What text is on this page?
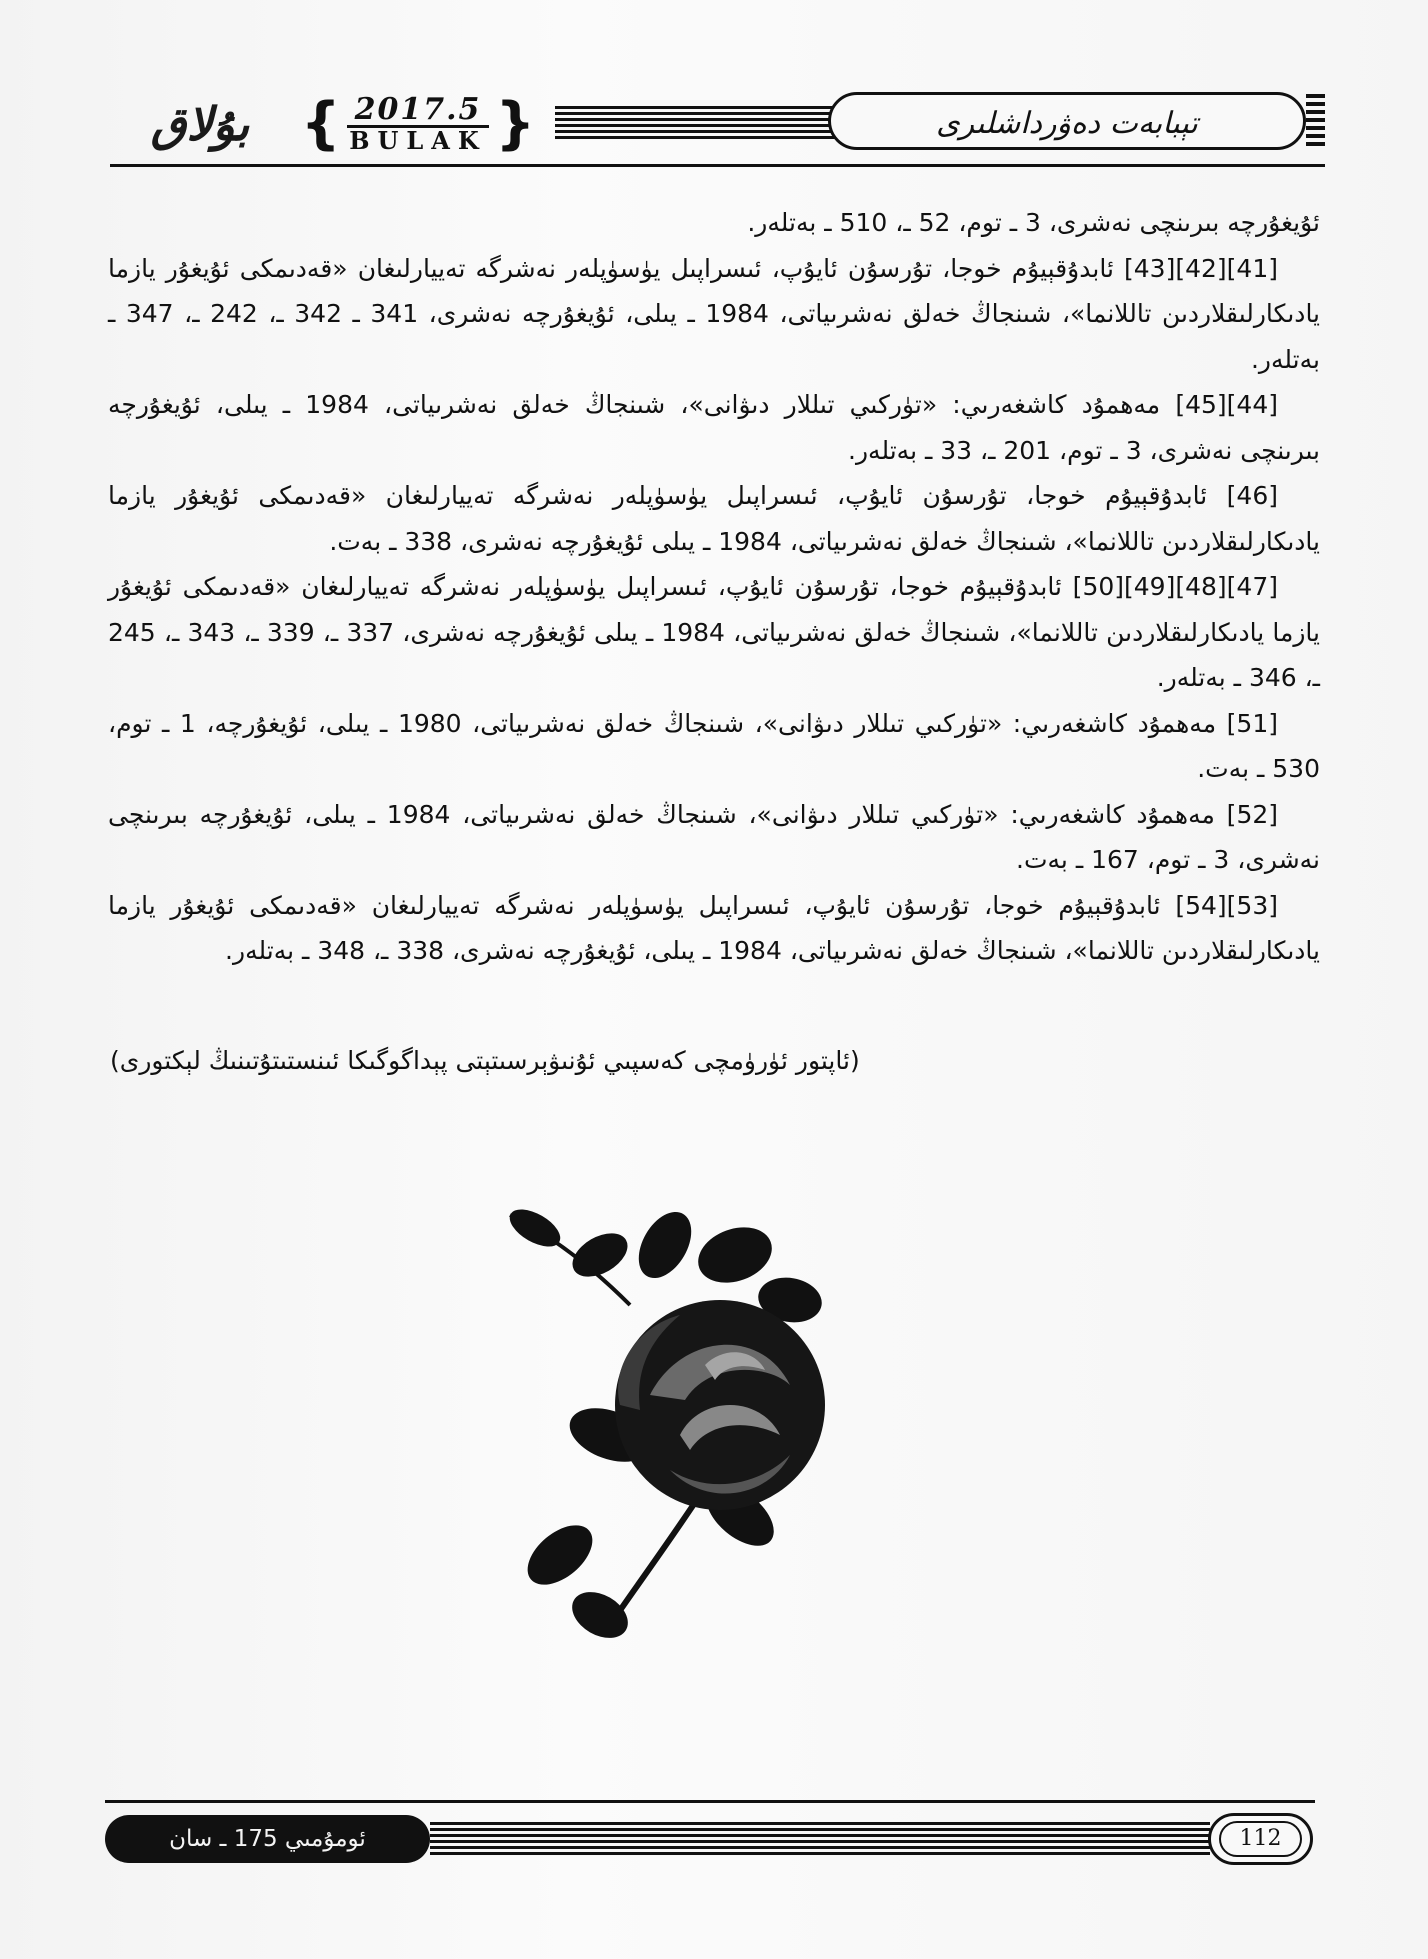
بۇلاق { 2017.5
BULAK }	تېبابەت دەۋرداشلىرى

ئۇيغۇرچە بىرىنچى نەشرى، 3 ـ توم، 52 ـ، 510 ـ بەتلەر.

[41][42][43] ئابدۇقېيۇم خوجا، تۇرسۇن ئايۇپ، ئىسراپىل يۈسۈپلەر نەشرگە تەييارلىغان «قەدىمكى ئۇيغۇر يازما يادىكارلىقلاردىن تاللانما»، شىنجاڭ خەلق نەشرىياتى، 1984 ـ يىلى، ئۇيغۇرچە نەشرى، 341 ـ 342 ـ، 242 ـ، 347 ـ بەتلەر.

[44][45] مەھمۇد كاشغەرىي: «تۈركىي تىللار دىۋانى»، شىنجاڭ خەلق نەشرىياتى، 1984 ـ يىلى، ئۇيغۇرچە بىرىنچى نەشرى، 3 ـ توم، 201 ـ، 33 ـ بەتلەر.

[46] ئابدۇقېيۇم خوجا، تۇرسۇن ئايۇپ، ئىسراپىل يۈسۈپلەر نەشرگە تەييارلىغان «قەدىمكى ئۇيغۇر يازما يادىكارلىقلاردىن تاللانما»، شىنجاڭ خەلق نەشرىياتى، 1984 ـ يىلى ئۇيغۇرچە نەشرى، 338 ـ بەت.

[47][48][49][50] ئابدۇقېيۇم خوجا، تۇرسۇن ئايۇپ، ئىسراپىل يۈسۈپلەر نەشرگە تەييارلىغان «قەدىمكى ئۇيغۇر يازما يادىكارلىقلاردىن تاللانما»، شىنجاڭ خەلق نەشرىياتى، 1984 ـ يىلى ئۇيغۇرچە نەشرى، 337 ـ، 339 ـ، 343 ـ، 245 ـ، 346 ـ بەتلەر.

[51] مەھمۇد كاشغەرىي: «تۈركىي تىللار دىۋانى»، شىنجاڭ خەلق نەشرىياتى، 1980 ـ يىلى، ئۇيغۇرچە، 1 ـ توم، 530 ـ بەت.

[52] مەھمۇد كاشغەرىي: «تۈركىي تىللار دىۋانى»، شىنجاڭ خەلق نەشرىياتى، 1984 ـ يىلى، ئۇيغۇرچە بىرىنچى نەشرى، 3 ـ توم، 167 ـ بەت.

[53][54] ئابدۇقېيۇم خوجا، تۇرسۇن ئايۇپ، ئىسراپىل يۈسۈپلەر نەشرگە تەييارلىغان «قەدىمكى ئۇيغۇر يازما يادىكارلىقلاردىن تاللانما»، شىنجاڭ خەلق نەشرىياتى، 1984 ـ يىلى، ئۇيغۇرچە نەشرى، 338 ـ، 348 ـ بەتلەر.

(ئاپتور ئۈرۈمچى كەسپىي ئۇنىۋېرسىتېتى پېداگوگىكا ئىنستىتۇتىنىڭ لېكتورى)
ئومۇمىي 175 ـ سان	112
